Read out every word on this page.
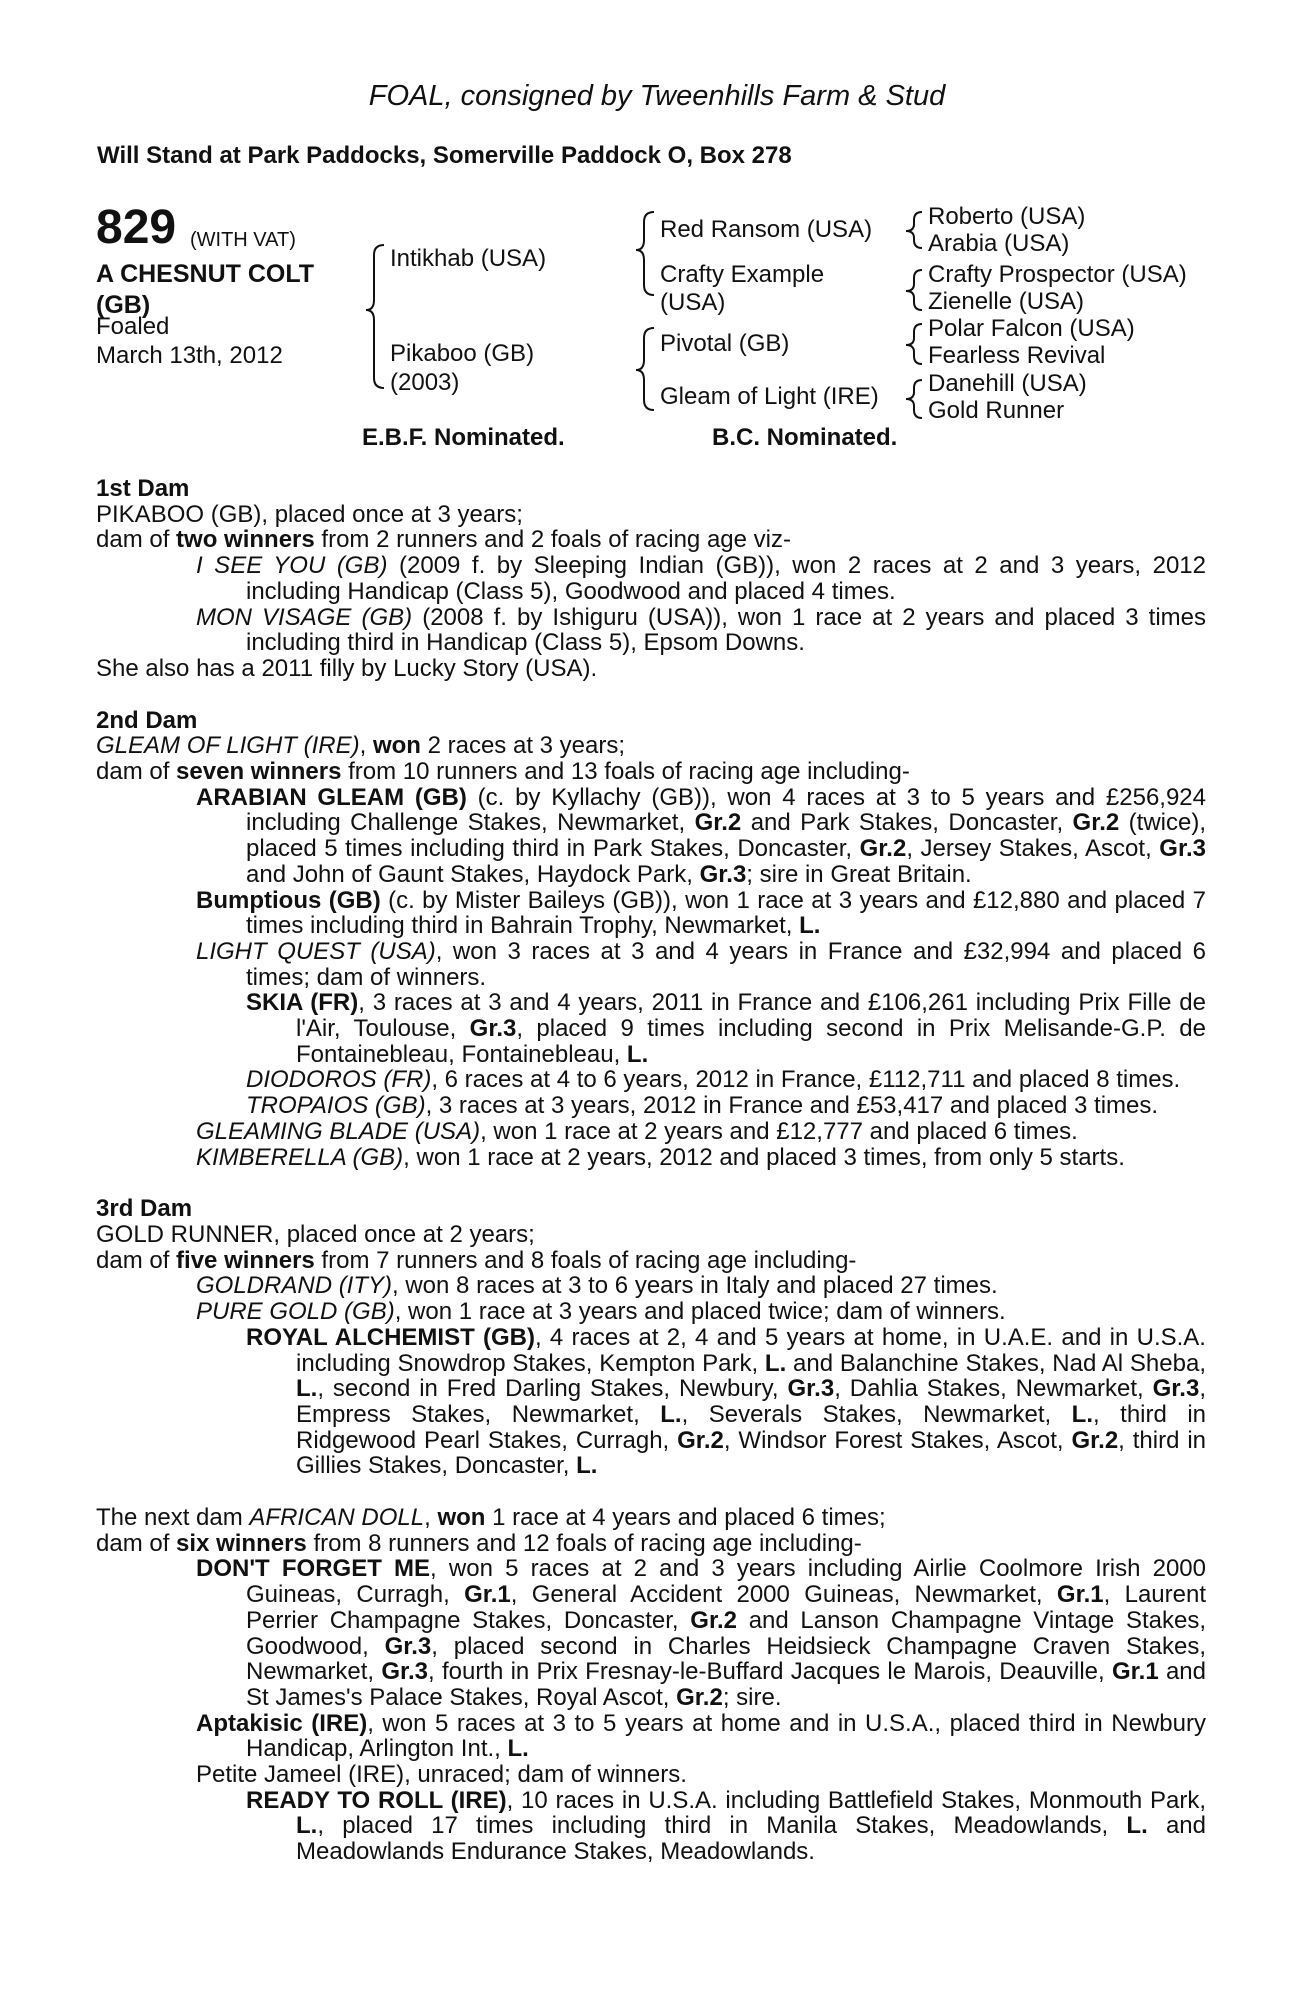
FOAL, consigned by Tweenhills Farm & Stud
Will Stand at Park Paddocks, Somerville Paddock O, Box 278
829 (WITH VAT)
A CHESNUT COLT (GB)
Foaled
March 13th, 2012
Intikhab (USA)
Pikaboo (GB) (2003)
Red Ransom (USA)
Crafty Example (USA)
Pivotal (GB)
Gleam of Light (IRE)
Roberto (USA)
Arabia (USA)
Crafty Prospector (USA)
Zienelle (USA)
Polar Falcon (USA)
Fearless Revival
Danehill (USA)
Gold Runner
E.B.F. Nominated.	B.C. Nominated.
1st Dam
PIKABOO (GB), placed once at 3 years;
dam of two winners from 2 runners and 2 foals of racing age viz-
I SEE YOU (GB) (2009 f. by Sleeping Indian (GB)), won 2 races at 2 and 3 years, 2012 including Handicap (Class 5), Goodwood and placed 4 times.
MON VISAGE (GB) (2008 f. by Ishiguru (USA)), won 1 race at 2 years and placed 3 times including third in Handicap (Class 5), Epsom Downs.
She also has a 2011 filly by Lucky Story (USA).
2nd Dam
GLEAM OF LIGHT (IRE), won 2 races at 3 years;
dam of seven winners from 10 runners and 13 foals of racing age including-
ARABIAN GLEAM (GB) (c. by Kyllachy (GB)), won 4 races at 3 to 5 years and £256,924 including Challenge Stakes, Newmarket, Gr.2 and Park Stakes, Doncaster, Gr.2 (twice), placed 5 times including third in Park Stakes, Doncaster, Gr.2, Jersey Stakes, Ascot, Gr.3 and John of Gaunt Stakes, Haydock Park, Gr.3; sire in Great Britain.
Bumptious (GB) (c. by Mister Baileys (GB)), won 1 race at 3 years and £12,880 and placed 7 times including third in Bahrain Trophy, Newmarket, L.
LIGHT QUEST (USA), won 3 races at 3 and 4 years in France and £32,994 and placed 6 times; dam of winners.
SKIA (FR), 3 races at 3 and 4 years, 2011 in France and £106,261 including Prix Fille de l'Air, Toulouse, Gr.3, placed 9 times including second in Prix Melisande-G.P. de Fontainebleau, Fontainebleau, L.
DIODOROS (FR), 6 races at 4 to 6 years, 2012 in France, £112,711 and placed 8 times.
TROPAIOS (GB), 3 races at 3 years, 2012 in France and £53,417 and placed 3 times.
GLEAMING BLADE (USA), won 1 race at 2 years and £12,777 and placed 6 times.
KIMBERELLA (GB), won 1 race at 2 years, 2012 and placed 3 times, from only 5 starts.
3rd Dam
GOLD RUNNER, placed once at 2 years;
dam of five winners from 7 runners and 8 foals of racing age including-
GOLDRAND (ITY), won 8 races at 3 to 6 years in Italy and placed 27 times.
PURE GOLD (GB), won 1 race at 3 years and placed twice; dam of winners.
ROYAL ALCHEMIST (GB), 4 races at 2, 4 and 5 years at home, in U.A.E. and in U.S.A. including Snowdrop Stakes, Kempton Park, L. and Balanchine Stakes, Nad Al Sheba, L., second in Fred Darling Stakes, Newbury, Gr.3, Dahlia Stakes, Newmarket, Gr.3, Empress Stakes, Newmarket, L., Severals Stakes, Newmarket, L., third in Ridgewood Pearl Stakes, Curragh, Gr.2, Windsor Forest Stakes, Ascot, Gr.2, third in Gillies Stakes, Doncaster, L.
The next dam AFRICAN DOLL, won 1 race at 4 years and placed 6 times;
dam of six winners from 8 runners and 12 foals of racing age including-
DON'T FORGET ME, won 5 races at 2 and 3 years including Airlie Coolmore Irish 2000 Guineas, Curragh, Gr.1, General Accident 2000 Guineas, Newmarket, Gr.1, Laurent Perrier Champagne Stakes, Doncaster, Gr.2 and Lanson Champagne Vintage Stakes, Goodwood, Gr.3, placed second in Charles Heidsieck Champagne Craven Stakes, Newmarket, Gr.3, fourth in Prix Fresnay-le-Buffard Jacques le Marois, Deauville, Gr.1 and St James's Palace Stakes, Royal Ascot, Gr.2; sire.
Aptakisic (IRE), won 5 races at 3 to 5 years at home and in U.S.A., placed third in Newbury Handicap, Arlington Int., L.
Petite Jameel (IRE), unraced; dam of winners.
READY TO ROLL (IRE), 10 races in U.S.A. including Battlefield Stakes, Monmouth Park, L., placed 17 times including third in Manila Stakes, Meadowlands, L. and Meadowlands Endurance Stakes, Meadowlands.
